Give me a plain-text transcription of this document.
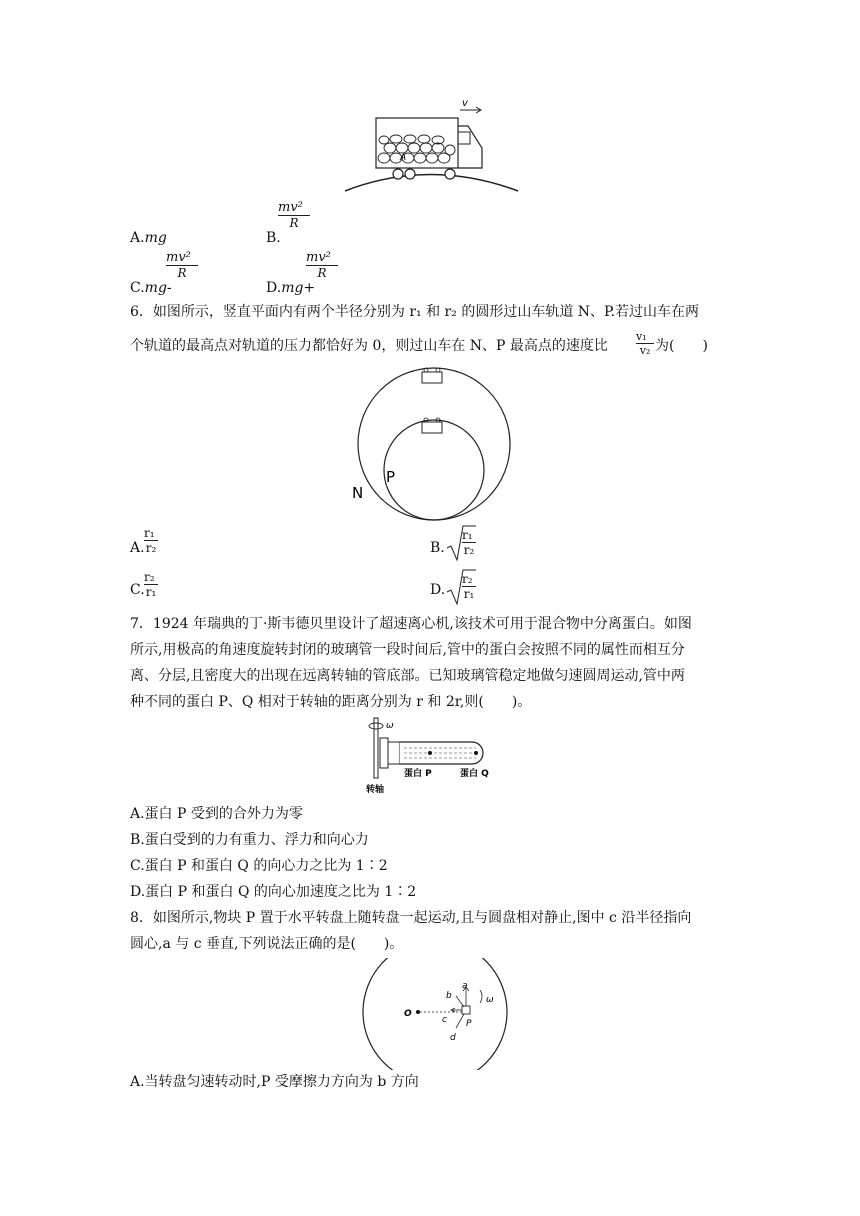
v
A
A.mg	B.
mv²
R
C.mg-
mv²
R
D.mg+
mv²
R
6．如图所示，竖直平面内有两个半径分别为 r₁ 和 r₂ 的圆形过山车轨道 N、P.若过山车在两
个轨道的最高点对轨道的压力都恰好为 0，则过山车在 N、P 最高点的速度比
v₁
v₂ 为(　　)
N
P
A.
r₁
r₂	B.
r₁
r₂
C.
r₂
r₁	D.
r₂
r₁
7．1924 年瑞典的丁·斯韦德贝里设计了超速离心机,该技术可用于混合物中分离蛋白。如图
所示,用极高的角速度旋转封闭的玻璃管一段时间后,管中的蛋白会按照不同的属性而相互分
离、分层,且密度大的出现在远离转轴的管底部。已知玻璃管稳定地做匀速圆周运动,管中两
种不同的蛋白 P、Q 相对于转轴的距离分别为 r 和 2r,则(　　)。
ω
蛋白 P	蛋白 Q
转轴
A.蛋白 P 受到的合外力为零
B.蛋白受到的力有重力、浮力和向心力
C.蛋白 P 和蛋白 Q 的向心力之比为 1∶2
D.蛋白 P 和蛋白 Q 的向心加速度之比为 1∶2
8．如图所示,物块 P 置于水平转盘上随转盘一起运动,且与圆盘相对静止,图中 c 沿半径指向
圆心,a 与 c 垂直,下列说法正确的是(　　)。
O
a
b
c
d
P
ω
A.当转盘匀速转动时,P 受摩擦力方向为 b 方向
